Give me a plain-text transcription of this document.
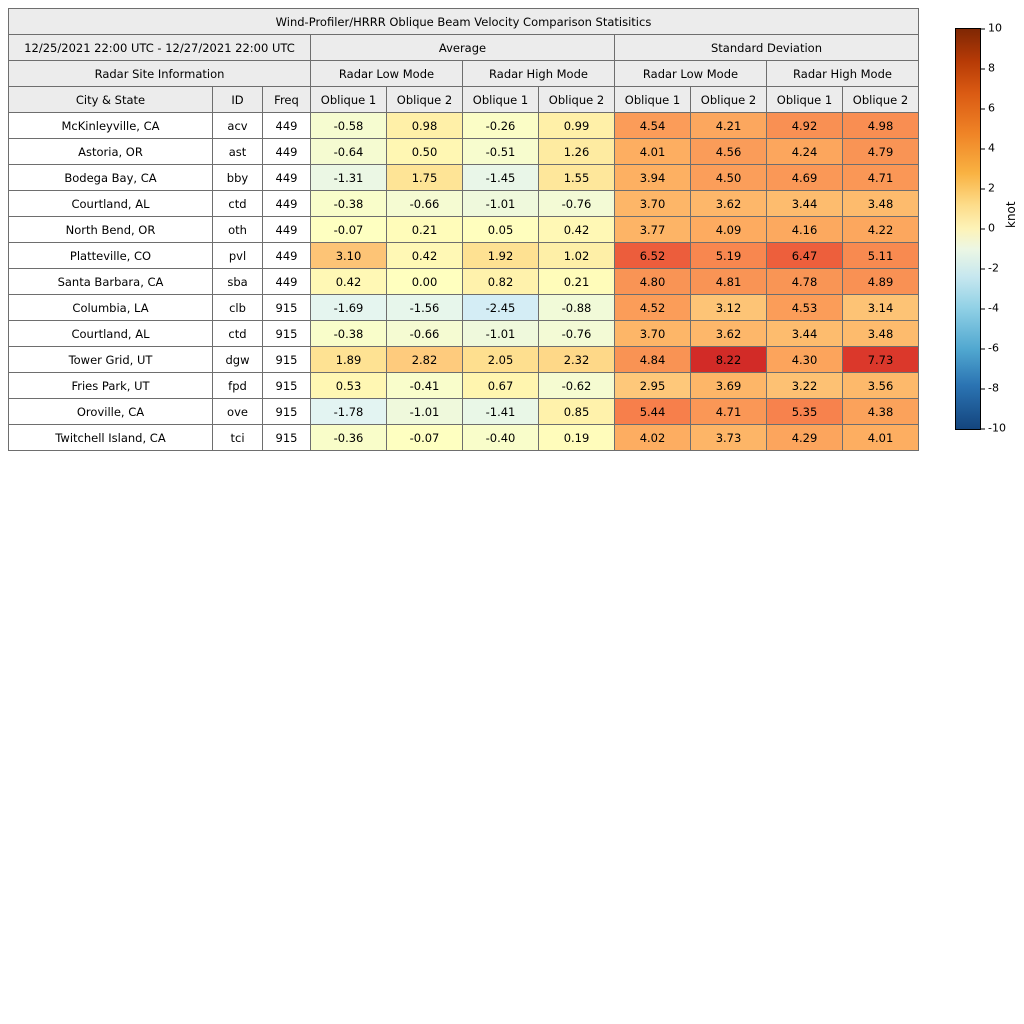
Wind-Profiler/HRRR Oblique Beam Velocity Comparison Statisitics										
12/25/2021 22:00 UTC - 12/27/2021 22:00 UTC			Average				Standard Deviation			
Radar Site Information			Radar Low Mode		Radar High Mode		Radar Low Mode		Radar High Mode	
City & State	ID	Freq	Oblique 1	Oblique 2	Oblique 1	Oblique 2	Oblique 1	Oblique 2	Oblique 1	Oblique 2
McKinleyville, CA	acv	449	-0.58	0.98	-0.26	0.99	4.54	4.21	4.92	4.98
Astoria, OR	ast	449	-0.64	0.50	-0.51	1.26	4.01	4.56	4.24	4.79
Bodega Bay, CA	bby	449	-1.31	1.75	-1.45	1.55	3.94	4.50	4.69	4.71
Courtland, AL	ctd	449	-0.38	-0.66	-1.01	-0.76	3.70	3.62	3.44	3.48
North Bend, OR	oth	449	-0.07	0.21	0.05	0.42	3.77	4.09	4.16	4.22
Platteville, CO	pvl	449	3.10	0.42	1.92	1.02	6.52	5.19	6.47	5.11
Santa Barbara, CA	sba	449	0.42	0.00	0.82	0.21	4.80	4.81	4.78	4.89
Columbia, LA	clb	915	-1.69	-1.56	-2.45	-0.88	4.52	3.12	4.53	3.14
Courtland, AL	ctd	915	-0.38	-0.66	-1.01	-0.76	3.70	3.62	3.44	3.48
Tower Grid, UT	dgw	915	1.89	2.82	2.05	2.32	4.84	8.22	4.30	7.73
Fries Park, UT	fpd	915	0.53	-0.41	0.67	-0.62	2.95	3.69	3.22	3.56
Oroville, CA	ove	915	-1.78	-1.01	-1.41	0.85	5.44	4.71	5.35	4.38
Twitchell Island, CA	tci	915	-0.36	-0.07	-0.40	0.19	4.02	3.73	4.29	4.01
10
8
6
4
2
0
-2
-4
-6
-8
-10
knot
